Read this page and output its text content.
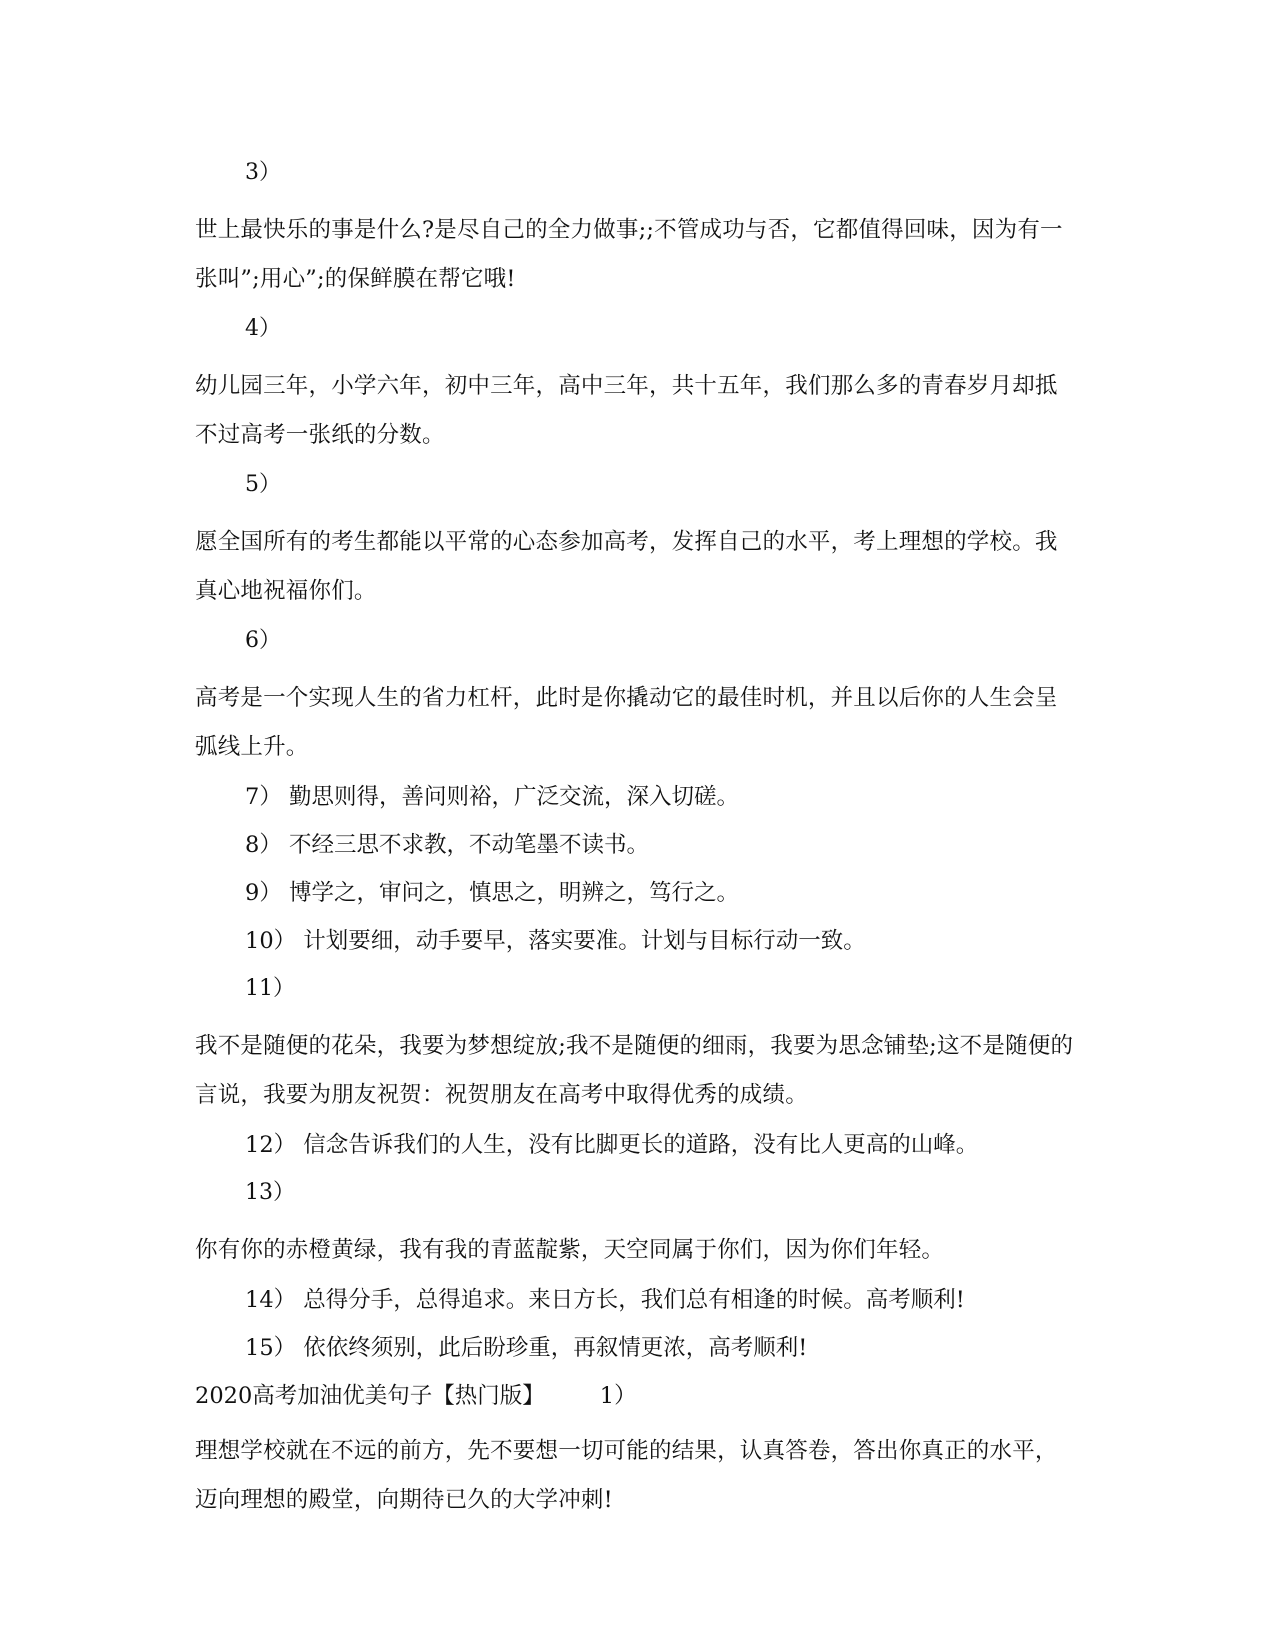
3）
世上最快乐的事是什么?是尽自己的全力做事;;不管成功与否，它都值得回味，因为有一张叫”;用心”;的保鲜膜在帮它哦!
4）
幼儿园三年，小学六年，初中三年，高中三年，共十五年，我们那么多的青春岁月却抵不过高考一张纸的分数。
5）
愿全国所有的考生都能以平常的心态参加高考，发挥自己的水平，考上理想的学校。我真心地祝福你们。
6）
高考是一个实现人生的省力杠杆，此时是你撬动它的最佳时机，并且以后你的人生会呈弧线上升。
7） 勤思则得，善问则裕，广泛交流，深入切磋。
8） 不经三思不求教，不动笔墨不读书。
9） 博学之，审问之，慎思之，明辨之，笃行之。
10） 计划要细，动手要早，落实要准。计划与目标行动一致。
11）
我不是随便的花朵，我要为梦想绽放;我不是随便的细雨，我要为思念铺垫;这不是随便的言说，我要为朋友祝贺：祝贺朋友在高考中取得优秀的成绩。
12） 信念告诉我们的人生，没有比脚更长的道路，没有比人更高的山峰。
13）
你有你的赤橙黄绿，我有我的青蓝靛紫，天空同属于你们，因为你们年轻。
14） 总得分手，总得追求。来日方长，我们总有相逢的时候。高考顺利!
15） 依依终须别，此后盼珍重，再叙情更浓，高考顺利!
2020高考加油优美句子【热门版】 1）
理想学校就在不远的前方，先不要想一切可能的结果，认真答卷，答出你真正的水平，迈向理想的殿堂，向期待已久的大学冲刺!
